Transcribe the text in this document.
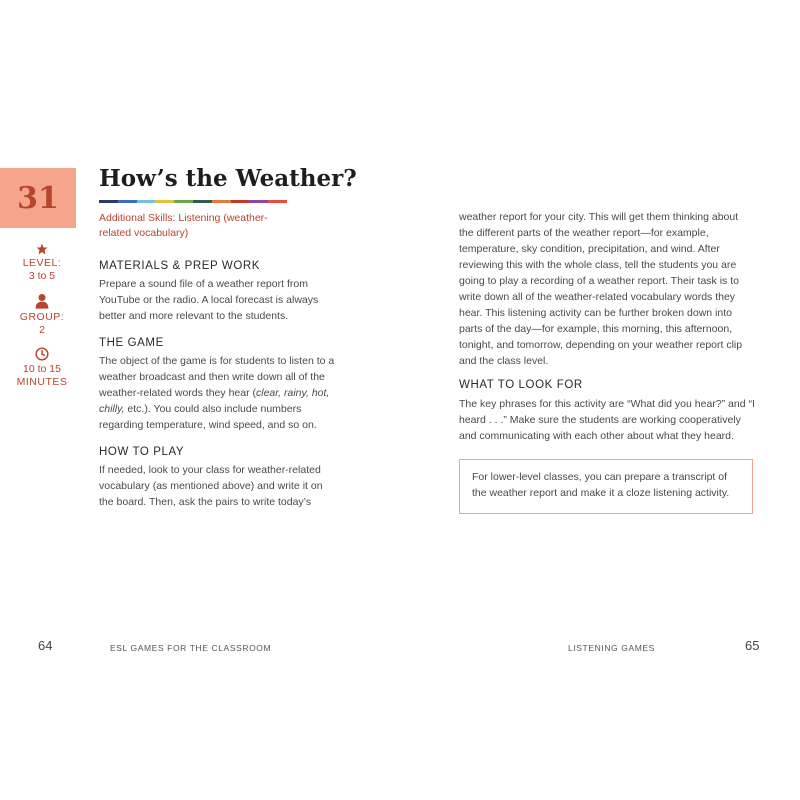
31
LEVEL:
3 to 5
GROUP:
2
10 to 15
MINUTES
How’s the Weather?
Additional Skills: Listening (weather-related vocabulary)
MATERIALS & PREP WORK
Prepare a sound file of a weather report from YouTube or the radio. A local forecast is always better and more relevant to the students.
THE GAME
The object of the game is for students to listen to a weather broadcast and then write down all of the weather-related words they hear (clear, rainy, hot, chilly, etc.). You could also include numbers regarding temperature, wind speed, and so on.
HOW TO PLAY
If needed, look to your class for weather-related vocabulary (as mentioned above) and write it on the board. Then, ask the pairs to write today’s
weather report for your city. This will get them thinking about the different parts of the weather report—for example, temperature, sky condition, precipitation, and wind. After reviewing this with the whole class, tell the students you are going to play a recording of a weather report. Their task is to write down all of the weather-related vocabulary words they hear. This listening activity can be further broken down into parts of the day—for example, this morning, this afternoon, tonight, and tomorrow, depending on your weather report clip and the class level.
WHAT TO LOOK FOR
The key phrases for this activity are “What did you hear?” and “I heard . . .” Make sure the students are working cooperatively and communicating with each other about what they heard.
For lower-level classes, you can prepare a transcript of the weather report and make it a cloze listening activity.
64	ESL GAMES FOR THE CLASSROOM	LISTENING GAMES	65
